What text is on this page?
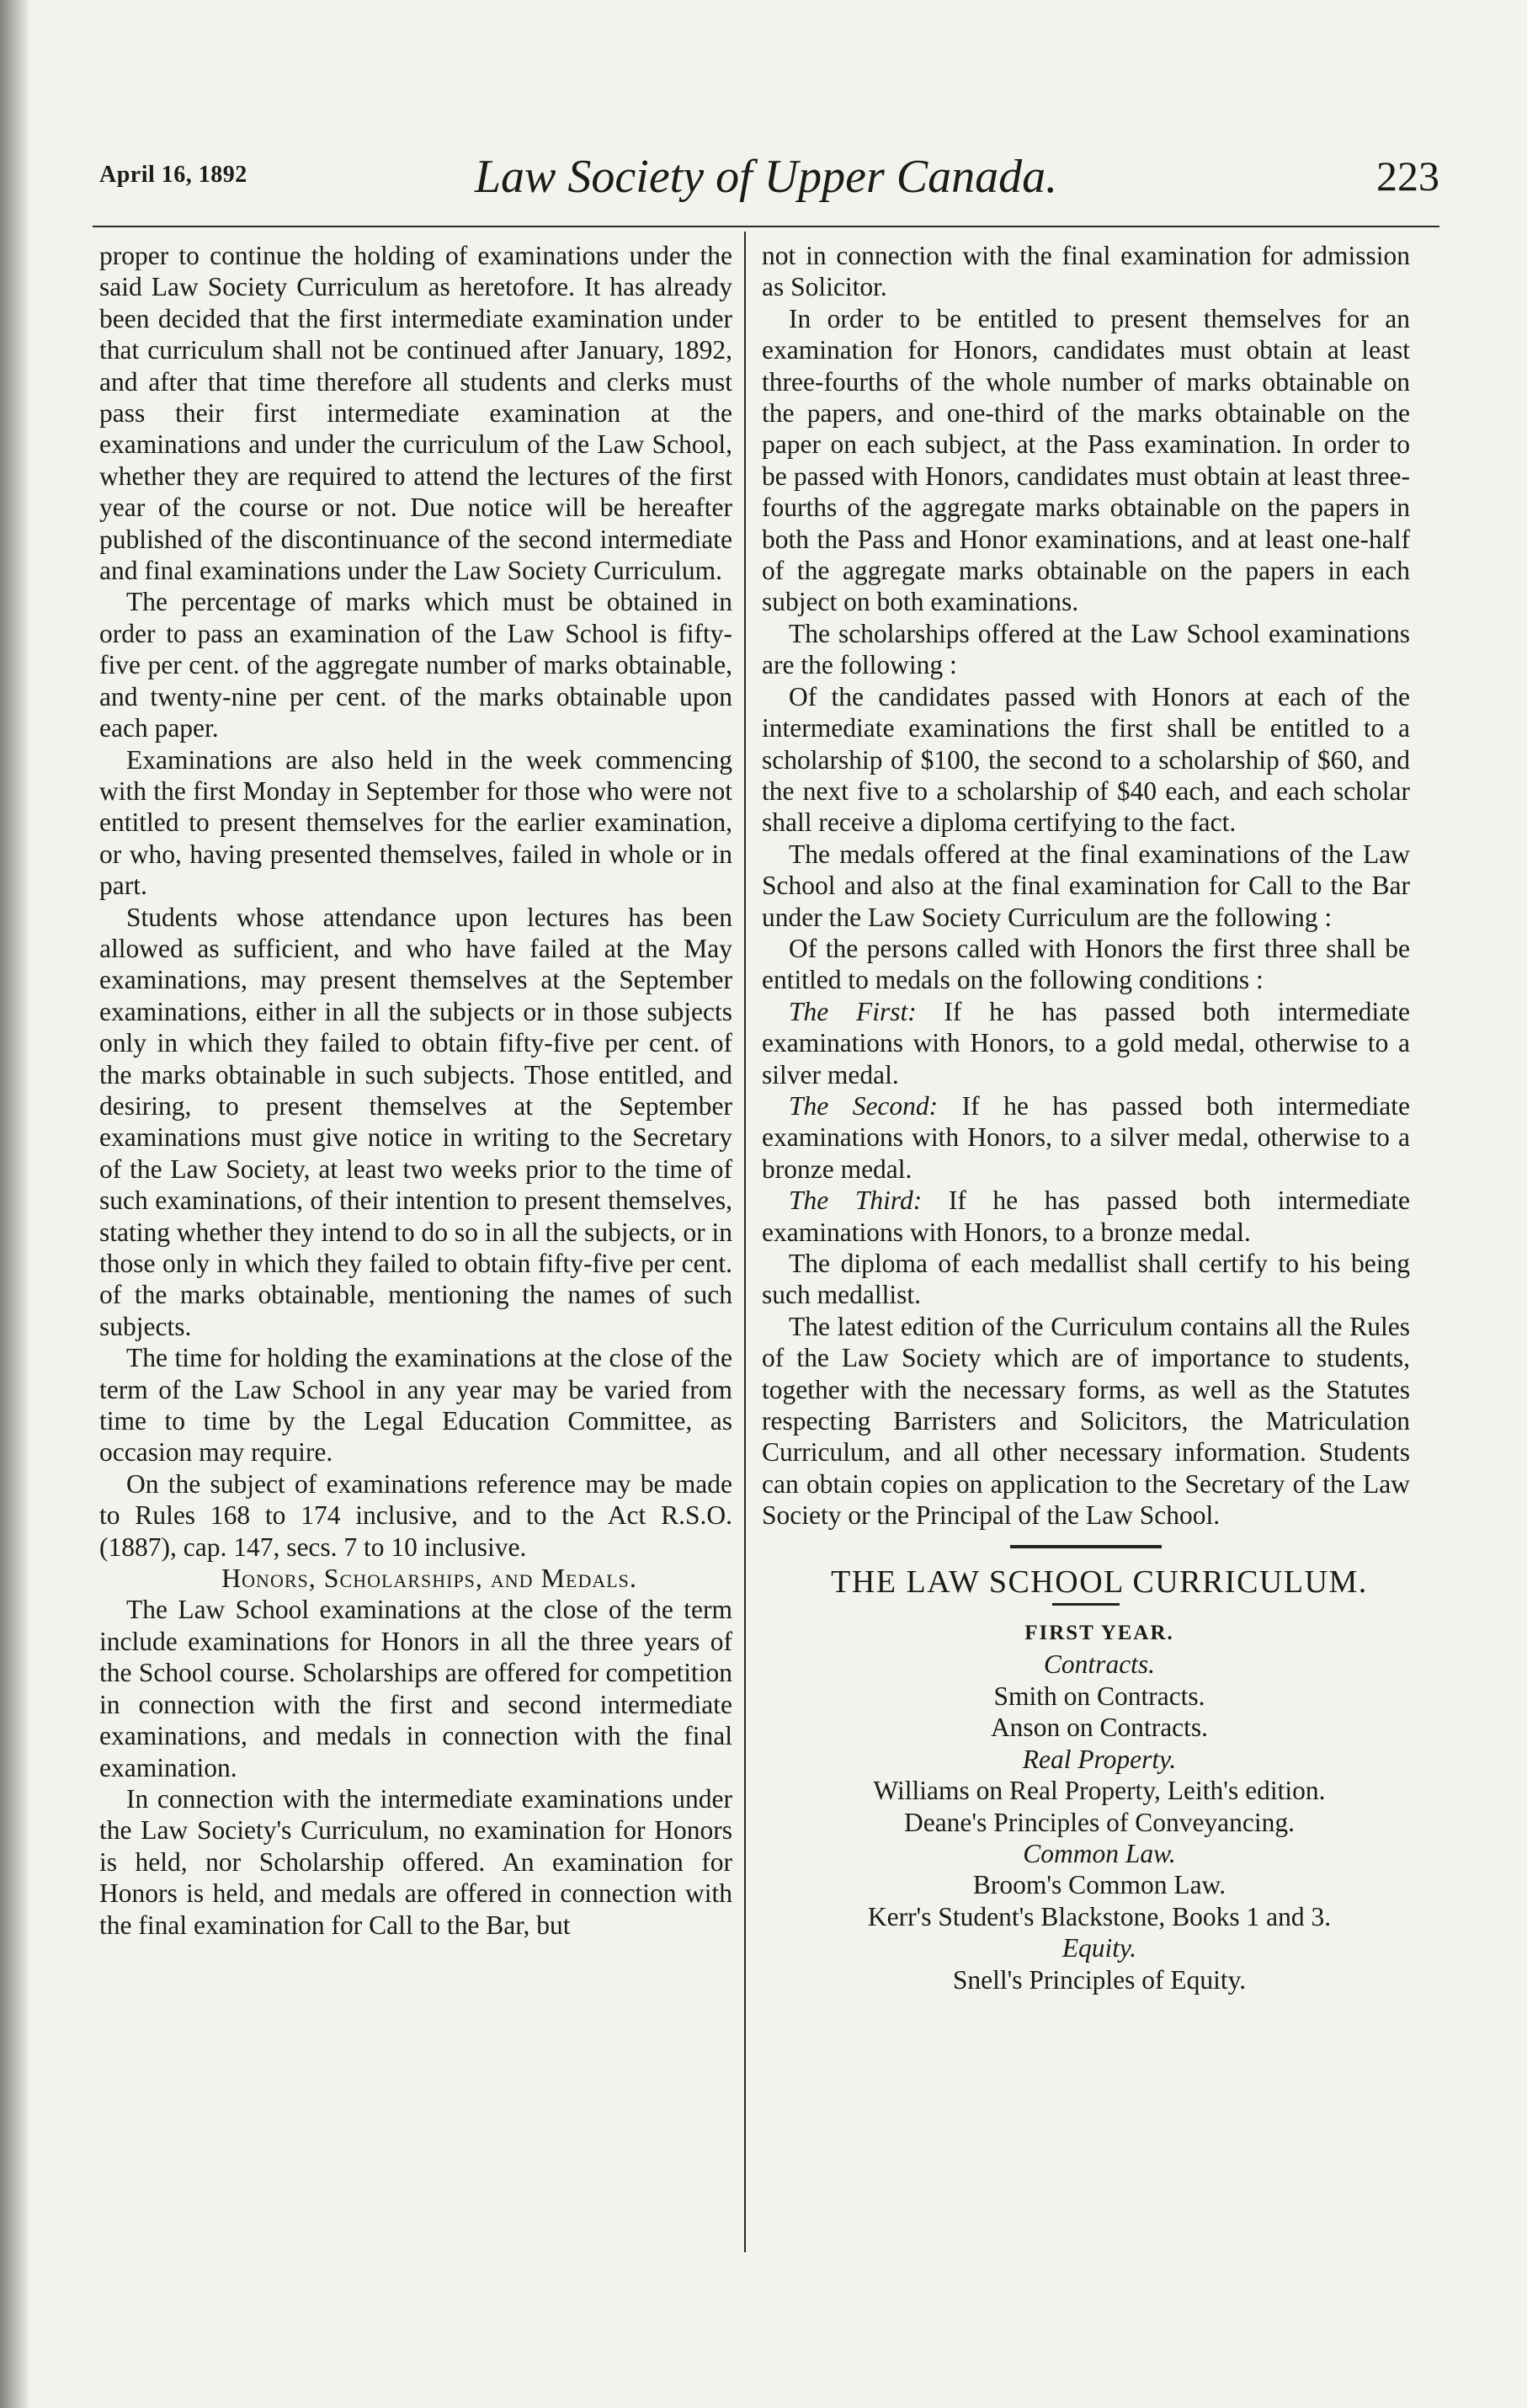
April 16, 1892	Law Society of Upper Canada.	223

proper to continue the holding of examinations under the said Law Society Curriculum as heretofore. It has already been decided that the first intermediate examination under that curriculum shall not be continued after January, 1892, and after that time therefore all students and clerks must pass their first intermediate examination at the examinations and under the curriculum of the Law School, whether they are required to attend the lectures of the first year of the course or not. Due notice will be hereafter published of the discontinuance of the second intermediate and final examinations under the Law Society Curriculum.

The percentage of marks which must be obtained in order to pass an examination of the Law School is fifty-five per cent. of the aggregate number of marks obtainable, and twenty-nine per cent. of the marks obtainable upon each paper.

Examinations are also held in the week commencing with the first Monday in September for those who were not entitled to present themselves for the earlier examination, or who, having presented themselves, failed in whole or in part.

Students whose attendance upon lectures has been allowed as sufficient, and who have failed at the May examinations, may present themselves at the September examinations, either in all the subjects or in those subjects only in which they failed to obtain fifty-five per cent. of the marks obtainable in such subjects. Those entitled, and desiring, to present themselves at the September examinations must give notice in writing to the Secretary of the Law Society, at least two weeks prior to the time of such examinations, of their intention to present themselves, stating whether they intend to do so in all the subjects, or in those only in which they failed to obtain fifty-five per cent. of the marks obtainable, mentioning the names of such subjects.

The time for holding the examinations at the close of the term of the Law School in any year may be varied from time to time by the Legal Education Committee, as occasion may require.

On the subject of examinations reference may be made to Rules 168 to 174 inclusive, and to the Act R.S.O. (1887), cap. 147, secs. 7 to 10 inclusive.

Honors, Scholarships, and Medals.

The Law School examinations at the close of the term include examinations for Honors in all the three years of the School course. Scholarships are offered for competition in connection with the first and second intermediate examinations, and medals in connection with the final examination.

In connection with the intermediate examinations under the Law Society's Curriculum, no examination for Honors is held, nor Scholarship offered. An examination for Honors is held, and medals are offered in connection with the final examination for Call to the Bar, but

not in connection with the final examination for admission as Solicitor.

In order to be entitled to present themselves for an examination for Honors, candidates must obtain at least three-fourths of the whole number of marks obtainable on the papers, and one-third of the marks obtainable on the paper on each subject, at the Pass examination. In order to be passed with Honors, candidates must obtain at least three-fourths of the aggregate marks obtainable on the papers in both the Pass and Honor examinations, and at least one-half of the aggregate marks obtainable on the papers in each subject on both examinations.

The scholarships offered at the Law School examinations are the following :

Of the candidates passed with Honors at each of the intermediate examinations the first shall be entitled to a scholarship of $100, the second to a scholarship of $60, and the next five to a scholarship of $40 each, and each scholar shall receive a diploma certifying to the fact.

The medals offered at the final examinations of the Law School and also at the final examination for Call to the Bar under the Law Society Curriculum are the following :

Of the persons called with Honors the first three shall be entitled to medals on the following conditions :

The First: If he has passed both intermediate examinations with Honors, to a gold medal, otherwise to a silver medal.

The Second: If he has passed both intermediate examinations with Honors, to a silver medal, otherwise to a bronze medal.

The Third: If he has passed both intermediate examinations with Honors, to a bronze medal.

The diploma of each medallist shall certify to his being such medallist.

The latest edition of the Curriculum contains all the Rules of the Law Society which are of importance to students, together with the necessary forms, as well as the Statutes respecting Barristers and Solicitors, the Matriculation Curriculum, and all other necessary information. Students can obtain copies on application to the Secretary of the Law Society or the Principal of the Law School.

THE LAW SCHOOL CURRICULUM.

FIRST YEAR.

Contracts.

Smith on Contracts.

Anson on Contracts.

Real Property.

Williams on Real Property, Leith's edition.

Deane's Principles of Conveyancing.

Common Law.

Broom's Common Law.

Kerr's Student's Blackstone, Books 1 and 3.

Equity.

Snell's Principles of Equity.
